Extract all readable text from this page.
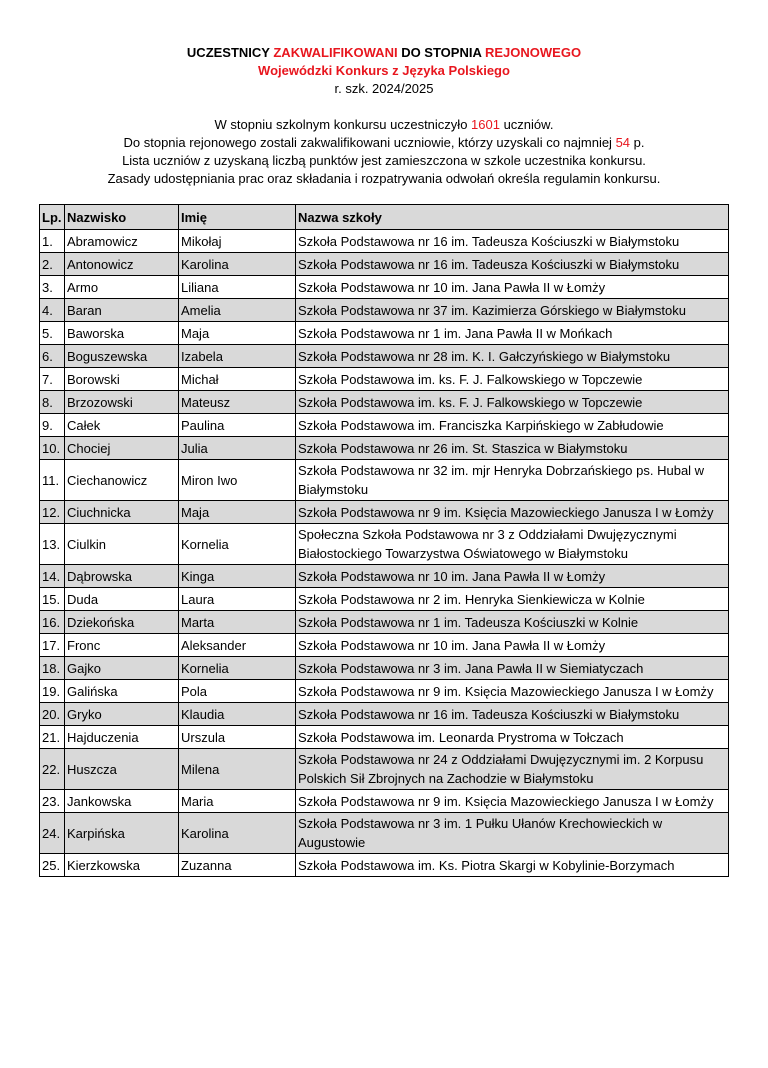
UCZESTNICY ZAKWALIFIKOWANI DO STOPNIA REJONOWEGO
Wojewódzki Konkurs z Języka Polskiego
r. szk. 2024/2025

W stopniu szkolnym konkursu uczestniczyło 1601 uczniów.

Do stopnia rejonowego zostali zakwalifikowani uczniowie, którzy uzyskali co najmniej 54 p.

Lista uczniów z uzyskaną liczbą punktów jest zamieszczona w szkole uczestnika konkursu.

Zasady udostępniania prac oraz składania i rozpatrywania odwołań określa regulamin konkursu.

Lp.	Nazwisko	Imię	Nazwa szkoły
1.	Abramowicz	Mikołaj	Szkoła Podstawowa nr 16 im. Tadeusza Kościuszki w Białymstoku
2.	Antonowicz	Karolina	Szkoła Podstawowa nr 16 im. Tadeusza Kościuszki w Białymstoku
3.	Armo	Liliana	Szkoła Podstawowa nr 10 im. Jana Pawła II w Łomży
4.	Baran	Amelia	Szkoła Podstawowa nr 37 im. Kazimierza Górskiego w Białymstoku
5.	Baworska	Maja	Szkoła Podstawowa nr 1 im. Jana Pawła II w Mońkach
6.	Boguszewska	Izabela	Szkoła Podstawowa nr 28 im. K. I. Gałczyńskiego w Białymstoku
7.	Borowski	Michał	Szkoła Podstawowa im. ks. F. J. Falkowskiego w Topczewie
8.	Brzozowski	Mateusz	Szkoła Podstawowa im. ks. F. J. Falkowskiego w Topczewie
9.	Całek	Paulina	Szkoła Podstawowa im. Franciszka Karpińskiego w Zabłudowie
10.	Chociej	Julia	Szkoła Podstawowa nr 26 im. St. Staszica w Białymstoku
11.	Ciechanowicz	Miron Iwo	Szkoła Podstawowa nr 32 im. mjr Henryka Dobrzańskiego ps. Hubal w Białymstoku
12.	Ciuchnicka	Maja	Szkoła Podstawowa nr 9 im. Księcia Mazowieckiego Janusza I w Łomży
13.	Ciulkin	Kornelia	Społeczna Szkoła Podstawowa nr 3 z Oddziałami Dwujęzycznymi Białostockiego Towarzystwa Oświatowego w Białymstoku
14.	Dąbrowska	Kinga	Szkoła Podstawowa nr 10 im. Jana Pawła II w Łomży
15.	Duda	Laura	Szkoła Podstawowa nr 2 im. Henryka Sienkiewicza w Kolnie
16.	Dziekońska	Marta	Szkoła Podstawowa nr 1 im. Tadeusza Kościuszki w Kolnie
17.	Fronc	Aleksander	Szkoła Podstawowa nr 10 im. Jana Pawła II w Łomży
18.	Gajko	Kornelia	Szkoła Podstawowa nr 3 im. Jana Pawła II w Siemiatyczach
19.	Galińska	Pola	Szkoła Podstawowa nr 9 im. Księcia Mazowieckiego Janusza I w Łomży
20.	Gryko	Klaudia	Szkoła Podstawowa nr 16 im. Tadeusza Kościuszki w Białymstoku
21.	Hajduczenia	Urszula	Szkoła Podstawowa im. Leonarda Prystroma w Tołczach
22.	Huszcza	Milena	Szkoła Podstawowa nr 24 z Oddziałami Dwujęzycznymi im. 2 Korpusu Polskich Sił Zbrojnych na Zachodzie w Białymstoku
23.	Jankowska	Maria	Szkoła Podstawowa nr 9 im. Księcia Mazowieckiego Janusza I w Łomży
24.	Karpińska	Karolina	Szkoła Podstawowa nr 3 im. 1 Pułku Ułanów Krechowieckich w Augustowie
25.	Kierzkowska	Zuzanna	Szkoła Podstawowa im. Ks. Piotra Skargi w Kobylinie-Borzymach
